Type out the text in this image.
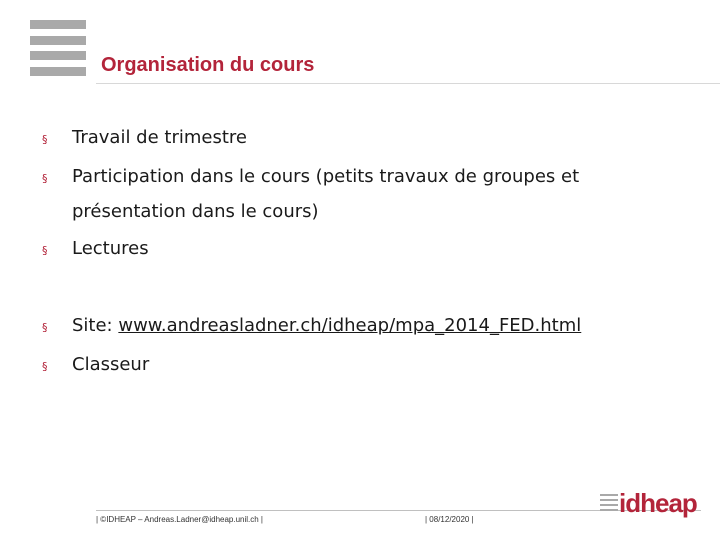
Organisation du cours
§ Travail de trimestre
§ Participation dans le cours (petits travaux de groupes et
présentation dans le cours)
§ Lectures
§ Site: www.andreasladner.ch/idheap/mpa_2014_FED.html
§ Classeur
| ©IDHEAP – Andreas.Ladner@idheap.unil.ch |	| 08/12/2020 |
idheap
